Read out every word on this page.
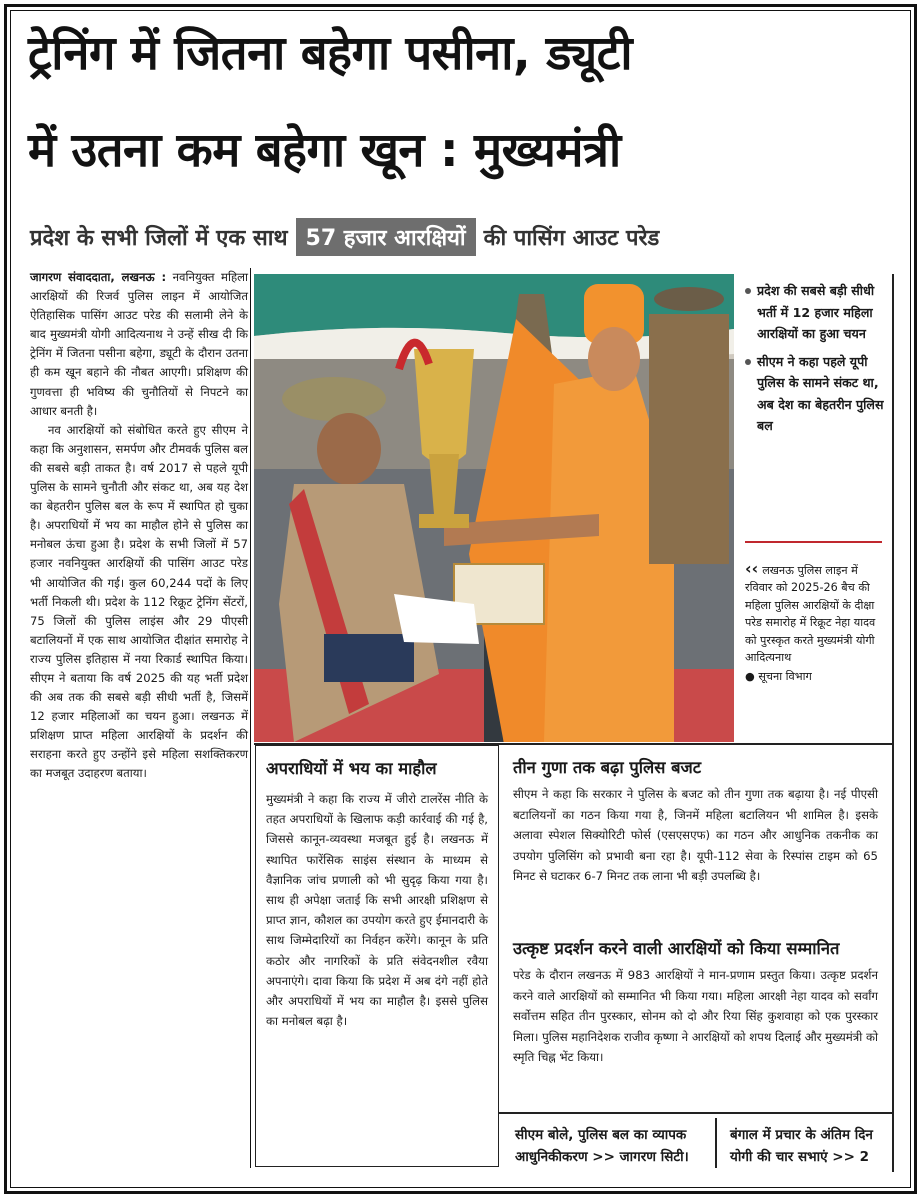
ट्रेनिंग में जितना बहेगा पसीना, ड्यूटी
में उतना कम बहेगा खून : मुख्यमंत्री
प्रदेश के सभी जिलों में एक साथ 57 हजार आरक्षियों की पासिंग आउट परेड

जागरण संवाददाता, लखनऊ : नवनियुक्त महिला आरक्षियों की रिजर्व पुलिस लाइन में आयोजित ऐतिहासिक पासिंग आउट परेड की सलामी लेने के बाद मुख्यमंत्री योगी आदित्यनाथ ने उन्हें सीख दी कि ट्रेनिंग में जितना पसीना बहेगा, ड्यूटी के दौरान उतना ही कम खून बहाने की नौबत आएगी। प्रशिक्षण की गुणवत्ता ही भविष्य की चुनौतियों से निपटने का आधार बनती है।

नव आरक्षियों को संबोधित करते हुए सीएम ने कहा कि अनुशासन, समर्पण और टीमवर्क पुलिस बल की सबसे बड़ी ताकत है। वर्ष 2017 से पहले यूपी पुलिस के सामने चुनौती और संकट था, अब यह देश का बेहतरीन पुलिस बल के रूप में स्थापित हो चुका है। अपराधियों में भय का माहौल होने से पुलिस का मनोबल ऊंचा हुआ है। प्रदेश के सभी जिलों में 57 हजार नवनियुक्त आरक्षियों की पासिंग आउट परेड भी आयोजित की गई। कुल 60,244 पदों के लिए भर्ती निकली थी। प्रदेश के 112 रिक्रूट ट्रेनिंग सेंटरों, 75 जिलों की पुलिस लाइंस और 29 पीएसी बटालियनों में एक साथ आयोजित दीक्षांत समारोह ने राज्य पुलिस इतिहास में नया रिकार्ड स्थापित किया। सीएम ने बताया कि वर्ष 2025 की यह भर्ती प्रदेश की अब तक की सबसे बड़ी सीधी भर्ती है, जिसमें 12 हजार महिलाओं का चयन हुआ। लखनऊ में प्रशिक्षण प्राप्त महिला आरक्षियों के प्रदर्शन की सराहना करते हुए उन्होंने इसे महिला सशक्तिकरण का मजबूत उदाहरण बताया।

प्रदेश की सबसे बड़ी सीधी भर्ती में 12 हजार महिला आरक्षियों का हुआ चयन
सीएम ने कहा पहले यूपी पुलिस के सामने संकट था, अब देश का बेहतरीन पुलिस बल
‹‹ लखनऊ पुलिस लाइन में रविवार को 2025-26 बैच की महिला पुलिस आरक्षियों के दीक्षा परेड समारोह में रिक्रूट नेहा यादव को पुरस्कृत करते मुख्यमंत्री योगी आदित्यनाथ
● सूचना विभाग
अपराधियों में भय का माहौल
मुख्यमंत्री ने कहा कि राज्य में जीरो टालरेंस नीति के तहत अपराधियों के खिलाफ कड़ी कार्रवाई की गई है, जिससे कानून-व्यवस्था मजबूत हुई है। लखनऊ में स्थापित फारेंसिक साइंस संस्थान के माध्यम से वैज्ञानिक जांच प्रणाली को भी सुदृढ़ किया गया है। साथ ही अपेक्षा जताई कि सभी आरक्षी प्रशिक्षण से प्राप्त ज्ञान, कौशल का उपयोग करते हुए ईमानदारी के साथ जिम्मेदारियों का निर्वहन करेंगे। कानून के प्रति कठोर और नागरिकों के प्रति संवेदनशील रवैया अपनाएंगे। दावा किया कि प्रदेश में अब दंगे नहीं होते और अपराधियों में भय का माहौल है। इससे पुलिस का मनोबल बढ़ा है।
तीन गुणा तक बढ़ा पुलिस बजट
सीएम ने कहा कि सरकार ने पुलिस के बजट को तीन गुणा तक बढ़ाया है। नई पीएसी बटालियनों का गठन किया गया है, जिनमें महिला बटालियन भी शामिल है। इसके अलावा स्पेशल सिक्योरिटी फोर्स (एसएसएफ) का गठन और आधुनिक तकनीक का उपयोग पुलिसिंग को प्रभावी बना रहा है। यूपी-112 सेवा के रिस्पांस टाइम को 65 मिनट से घटाकर 6-7 मिनट तक लाना भी बड़ी उपलब्धि है।
उत्कृष्ट प्रदर्शन करने वाली आरक्षियों को किया सम्मानित
परेड के दौरान लखनऊ में 983 आरक्षियों ने मान-प्रणाम प्रस्तुत किया। उत्कृष्ट प्रदर्शन करने वाले आरक्षियों को सम्मानित भी किया गया। महिला आरक्षी नेहा यादव को सर्वांग सर्वोत्तम सहित तीन पुरस्कार, सोनम को दो और रिया सिंह कुशवाहा को एक पुरस्कार मिला। पुलिस महानिदेशक राजीव कृष्णा ने आरक्षियों को शपथ दिलाई और मुख्यमंत्री को स्मृति चिह्न भेंट किया।
सीएम बोले, पुलिस बल का व्यापक आधुनिकीकरण >> जागरण सिटी।
बंगाल में प्रचार के अंतिम दिन योगी की चार सभाएं >> 2
